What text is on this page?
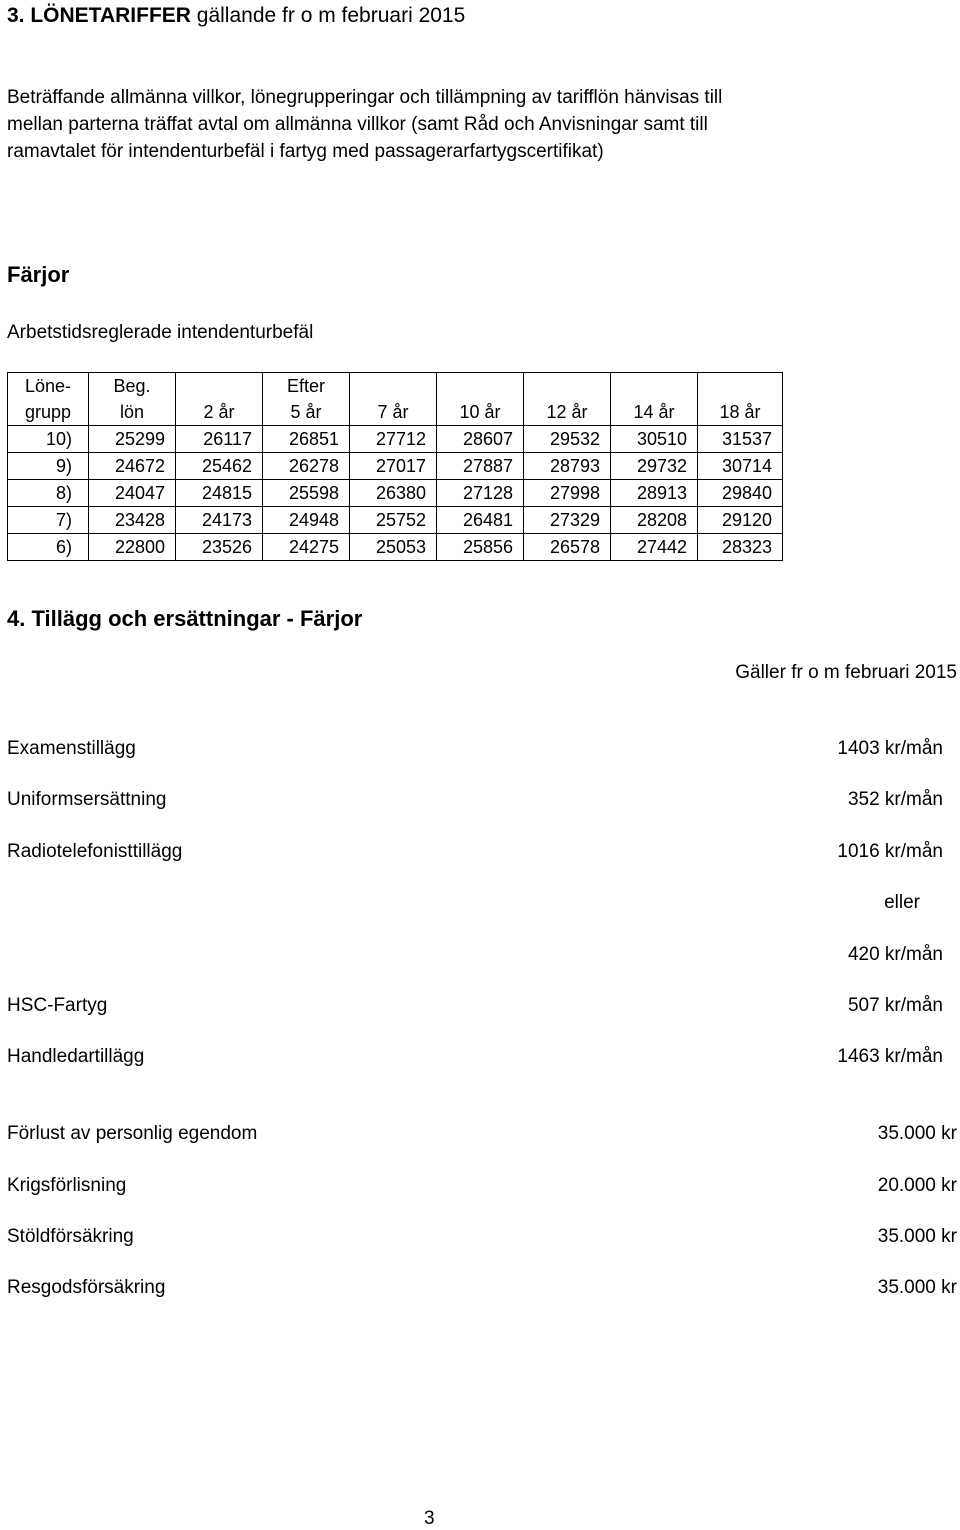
3. LÖNETARIFFER gällande fr o m februari 2015
Beträffande allmänna villkor, lönegrupperingar och tillämpning av tarifflön hänvisas till
mellan parterna träffat avtal om allmänna villkor (samt Råd och Anvisningar samt till
ramavtalet för intendenturbefäl i fartyg med passagerarfartygscertifikat)
Färjor
Arbetstidsreglerade intendenturbefäl
Löne-	Beg.		Efter					
grupp	lön	2 år	5 år	7 år	10 år	12 år	14 år	18 år
10)	25299	26117	26851	27712	28607	29532	30510	31537
9)	24672	25462	26278	27017	27887	28793	29732	30714
8)	24047	24815	25598	26380	27128	27998	28913	29840
7)	23428	24173	24948	25752	26481	27329	28208	29120
6)	22800	23526	24275	25053	25856	26578	27442	28323
4. Tillägg och ersättningar - Färjor
Gäller fr o m februari 2015
Examenstillägg	1403 kr/mån
Uniformsersättning	352 kr/mån
Radiotelefonisttillägg	1016 kr/mån
eller
420 kr/mån
HSC-Fartyg	507 kr/mån
Handledartillägg	1463 kr/mån
Förlust av personlig egendom	35.000 kr
Krigsförlisning	20.000 kr
Stöldförsäkring	35.000 kr
Resgodsförsäkring	35.000 kr
3
